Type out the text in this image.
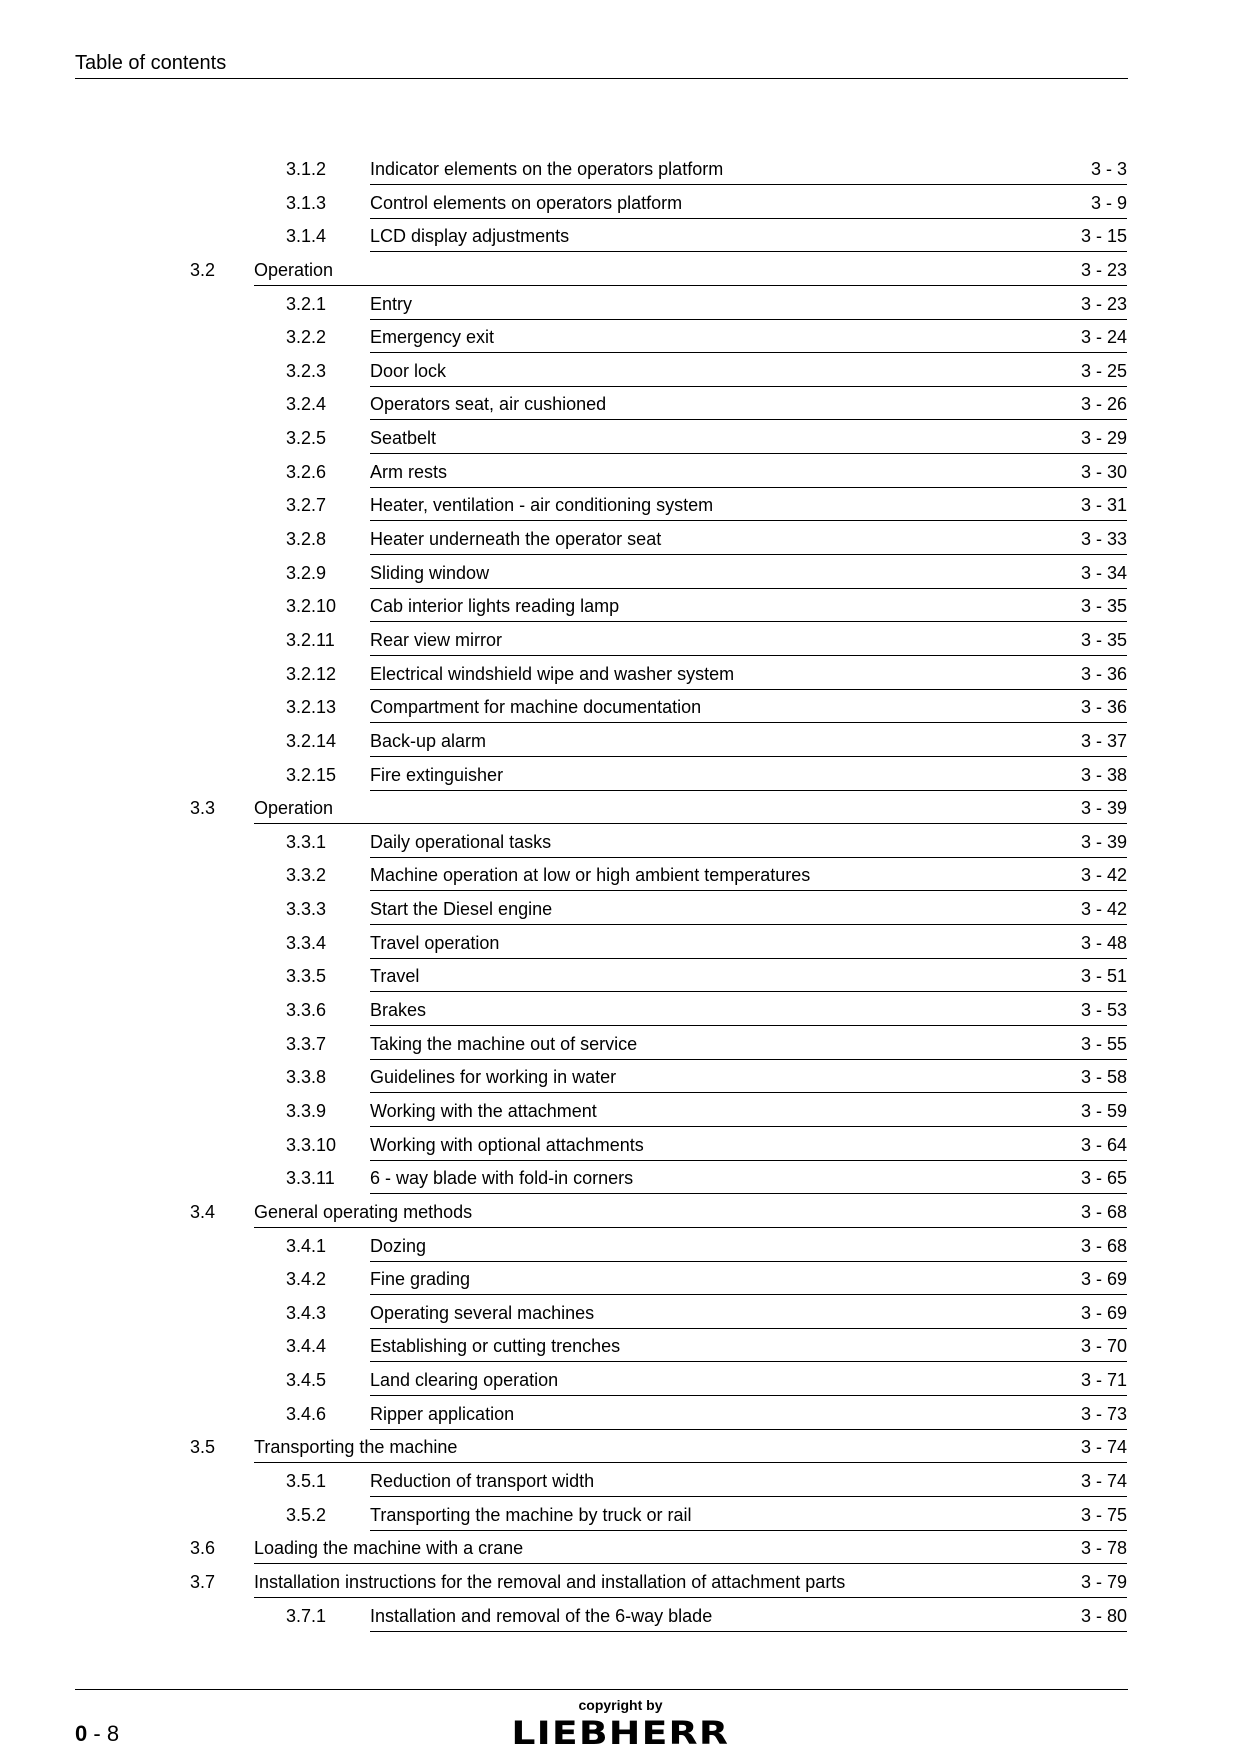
Table of contents
3.1.2 Indicator elements on the operators platform	3 - 3
3.1.3 Control elements on operators platform	3 - 9
3.1.4 LCD display adjustments	3 - 15
3.2 Operation	3 - 23
3.2.1 Entry	3 - 23
3.2.2 Emergency exit	3 - 24
3.2.3 Door lock	3 - 25
3.2.4 Operators seat, air cushioned	3 - 26
3.2.5 Seatbelt	3 - 29
3.2.6 Arm rests	3 - 30
3.2.7 Heater, ventilation - air conditioning system	3 - 31
3.2.8 Heater underneath the operator seat	3 - 33
3.2.9 Sliding window	3 - 34
3.2.10 Cab interior lights reading lamp	3 - 35
3.2.11 Rear view mirror	3 - 35
3.2.12 Electrical windshield wipe and washer system	3 - 36
3.2.13 Compartment for machine documentation	3 - 36
3.2.14 Back-up alarm	3 - 37
3.2.15 Fire extinguisher	3 - 38
3.3 Operation	3 - 39
3.3.1 Daily operational tasks	3 - 39
3.3.2 Machine operation at low or high ambient temperatures	3 - 42
3.3.3 Start the Diesel engine	3 - 42
3.3.4 Travel operation	3 - 48
3.3.5 Travel	3 - 51
3.3.6 Brakes	3 - 53
3.3.7 Taking the machine out of service	3 - 55
3.3.8 Guidelines for working in water	3 - 58
3.3.9 Working with the attachment	3 - 59
3.3.10 Working with optional attachments	3 - 64
3.3.11 6 - way blade with fold-in corners	3 - 65
3.4 General operating methods	3 - 68
3.4.1 Dozing	3 - 68
3.4.2 Fine grading	3 - 69
3.4.3 Operating several machines	3 - 69
3.4.4 Establishing or cutting trenches	3 - 70
3.4.5 Land clearing operation	3 - 71
3.4.6 Ripper application	3 - 73
3.5 Transporting the machine	3 - 74
3.5.1 Reduction of transport width	3 - 74
3.5.2 Transporting the machine by truck or rail	3 - 75
3.6 Loading the machine with a crane	3 - 78
3.7 Installation instructions for the removal and installation of attachment parts	3 - 79
3.7.1 Installation and removal of the 6-way blade	3 - 80
0 - 8
copyright by
LIEBHERR
